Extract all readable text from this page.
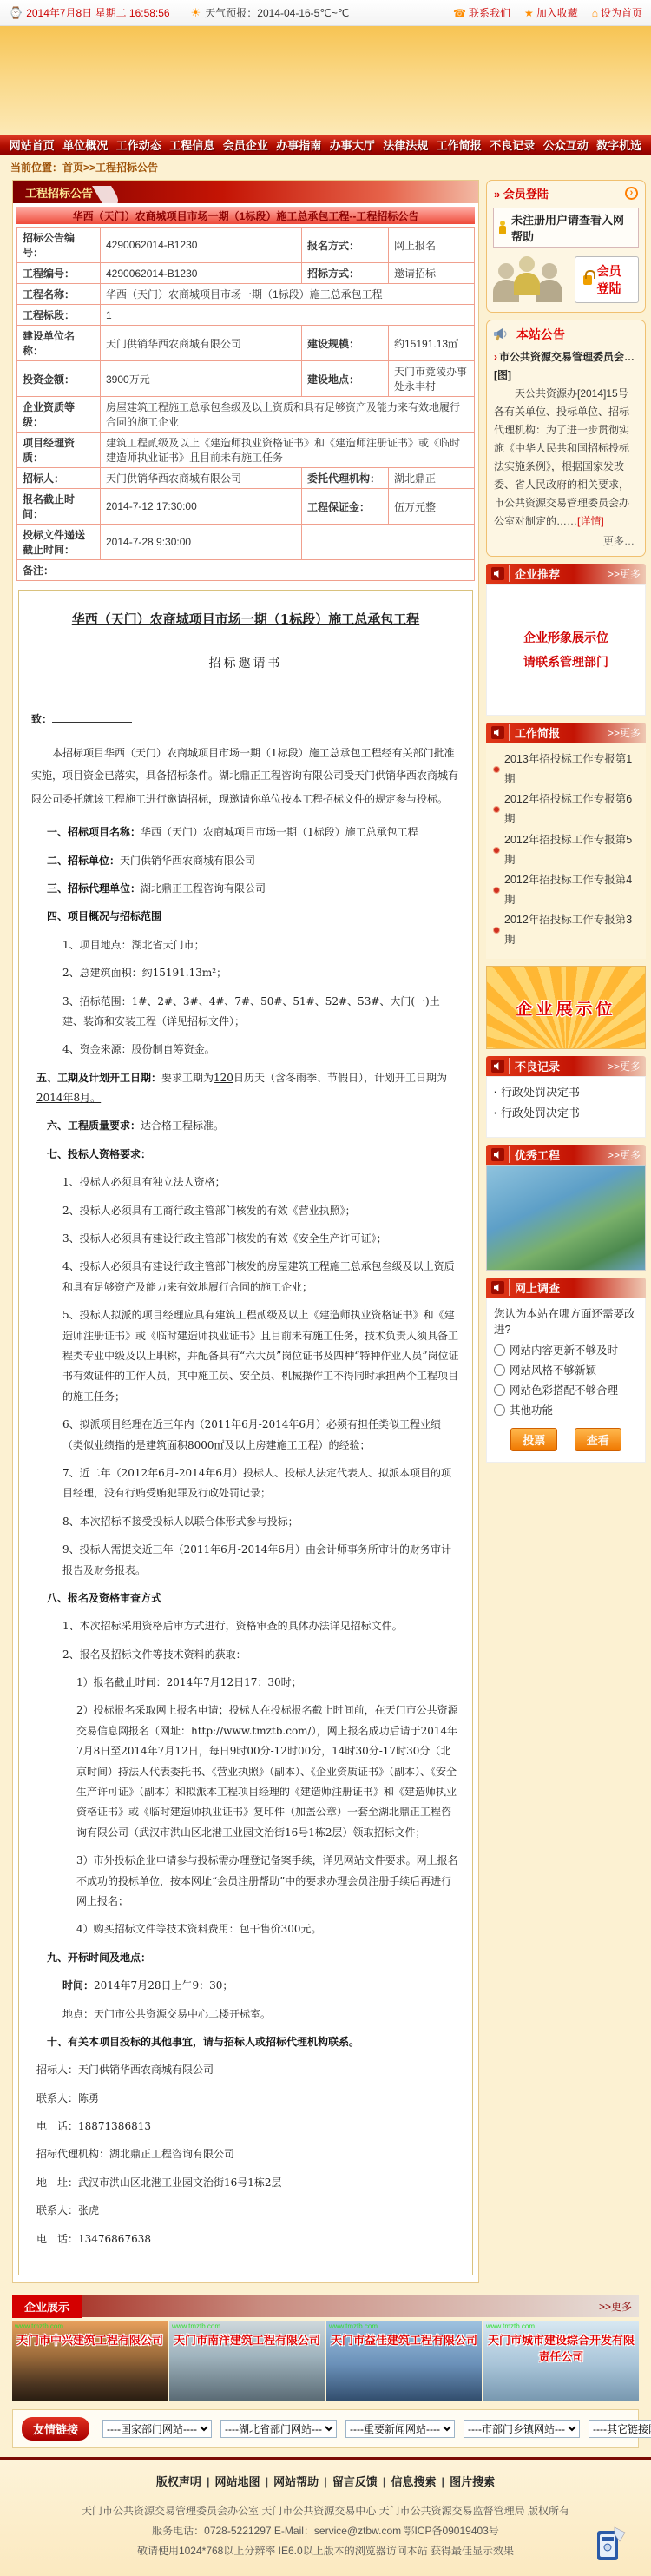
⌚ 2014年7月8日 星期二 16:58:56 ☀ 天气预报： 2014-04-16-5℃~℃	☎ 联系我们 ★ 加入收藏 ⌂ 设为首页
网站首页 单位概况 工作动态 工程信息 会员企业 办事指南 办事大厅 法律法规 工作简报 不良记录 公众互动 数字机选
当前位置：首页>>工程招标公告
工程招标公告
华西（天门）农商城项目市场一期（1标段）施工总承包工程--工程招标公告
招标公告编号：	4290062014-B1230	报名方式：	网上报名
工程编号：	4290062014-B1230	招标方式：	邀请招标
工程名称：	华西（天门）农商城项目市场一期（1标段）施工总承包工程		
工程标段：	1		
建设单位名称：	天门供销华西农商城有限公司	建设规模：	约15191.13㎡
投资金额：	3900万元	建设地点：	天门市竟陵办事处永丰村
企业资质等级：	房屋建筑工程施工总承包叁级及以上资质和具有足够资产及能力来有效地履行合同的施工企业		
项目经理资质：	建筑工程贰级及以上《建造师执业资格证书》和《建造师注册证书》或《临时建造师执业证书》且目前未有施工任务		
招标人：	天门供销华西农商城有限公司	委托代理机构：	湖北鼎正
报名截止时间：	2014-7-12 17:30:00	工程保证金：	伍万元整
投标文件递送截止时间：	2014-7-28 9:30:00		
备注：			
华西（天门）农商城项目市场一期（1标段）施工总承包工程
招标邀请书
致：
本招标项目华西（天门）农商城项目市场一期（1标段）施工总承包工程经有关部门批准实施，项目资金已落实，具备招标条件。湖北鼎正工程咨询有限公司受天门供销华西农商城有限公司委托就该工程施工进行邀请招标，现邀请你单位按本工程招标文件的规定参与投标。
一、招标项目名称：华西（天门）农商城项目市场一期（1标段）施工总承包工程
二、招标单位：天门供销华西农商城有限公司
三、招标代理单位：湖北鼎正工程咨询有限公司
四、项目概况与招标范围
1、项目地点：湖北省天门市；
2、总建筑面积：约15191.13m²；
3、招标范围：1#、2#、3#、4#、7#、50#、51#、52#、53#、大门(一)土建、装饰和安装工程（详见招标文件）；
4、资金来源：股份制自筹资金。
五、工期及计划开工日期：要求工期为120日历天（含冬雨季、节假日），计划开工日期为2014年8月。
六、工程质量要求：达合格工程标准。
七、投标人资格要求：
1、投标人必须具有独立法人资格；
2、投标人必须具有工商行政主管部门核发的有效《营业执照》；
3、投标人必须具有建设行政主管部门核发的有效《安全生产许可证》；
4、投标人必须具有建设行政主管部门核发的房屋建筑工程施工总承包叁级及以上资质和具有足够资产及能力来有效地履行合同的施工企业；
5、投标人拟派的项目经理应具有建筑工程贰级及以上《建造师执业资格证书》和《建造师注册证书》或《临时建造师执业证书》且目前未有施工任务，技术负责人须具备工程类专业中级及以上职称，并配备具有“六大员”岗位证书及四种“特种作业人员”岗位证书有效证件的工作人员，其中施工员、安全员、机械操作工不得同时承担两个工程项目的施工任务；
6、拟派项目经理在近三年内（2011年6月-2014年6月）必须有担任类似工程业绩（类似业绩指的是建筑面积8000㎡及以上房建施工工程）的经验；
7、近二年（2012年6月-2014年6月）投标人、投标人法定代表人、拟派本项目的项目经理，没有行贿受贿犯罪及行政处罚记录；
8、本次招标不接受投标人以联合体形式参与投标；
9、投标人需提交近三年（2011年6月-2014年6月）由会计师事务所审计的财务审计报告及财务报表。
八、报名及资格审查方式
1、本次招标采用资格后审方式进行，资格审查的具体办法详见招标文件。
2、报名及招标文件等技术资料的获取：
1）报名截止时间：2014年7月12日17：30时；
2）投标报名采取网上报名申请；投标人在投标报名截止时间前，在天门市公共资源交易信息网报名（网址：http://www.tmztb.com/），网上报名成功后请于2014年7月8日至2014年7月12日，每日9时00分-12时00分，14时30分-17时30分（北京时间）持法人代表委托书、《营业执照》（副本）、《企业资质证书》（副本）、《安全生产许可证》（副本）和拟派本工程项目经理的《建造师注册证书》和《建造师执业资格证书》或《临时建造师执业证书》复印件（加盖公章）一套至湖北鼎正工程咨询有限公司（武汉市洪山区北港工业园文治街16号1栋2层）领取招标文件；
3）市外投标企业申请参与投标需办理登记备案手续，详见网站文件要求。网上报名不成功的投标单位，按本网址“会员注册帮助”中的要求办理会员注册手续后再进行网上报名；
4）购买招标文件等技术资料费用：包干售价300元。
九、开标时间及地点：
时间：2014年7月28日上午9：30；
地点：天门市公共资源交易中心二楼开标室。
十、有关本项目投标的其他事宜，请与招标人或招标代理机构联系。
招标人：天门供销华西农商城有限公司
联系人：陈勇
电　话：18871386813
招标代理机构：湖北鼎正工程咨询有限公司
地　址：武汉市洪山区北港工业园文治街16号1栋2层
联系人：张虎
电　话：13476867638
» 会员登陆	›
未注册用户请查看入网帮助
会员登陆
本站公告
› 市公共资源交易管理委员会…[图]
天公共资源办[2014]15号各有关单位、投标单位、招标代理机构：为了进一步贯彻实施《中华人民共和国招标投标法实施条例》，根据国家发改委、省人民政府的相关要求，市公共资源交易管理委员会办公室对制定的……[详情]
更多…
企业推荐	>>更多
企业形象展示位
请联系管理部门
工作简报	>>更多
2013年招投标工作专报第1期
2012年招投标工作专报第6期
2012年招投标工作专报第5期
2012年招投标工作专报第4期
2012年招投标工作专报第3期
企业展示位
不良记录	>>更多
· 行政处罚决定书
· 行政处罚决定书
优秀工程	>>更多
网上调查
您认为本站在哪方面还需要改进?
网站内容更新不够及时
网站风格不够新颖
网站色彩搭配不够合理
其他功能
投票	查看
企业展示	>>更多
www.tmztb.com
天门市中兴建筑工程有限公司
www.tmztb.com
天门市南洋建筑工程有限公司
www.tmztb.com
天门市益佳建筑工程有限公司
www.tmztb.com
天门市城市建设综合开发有限责任公司
友情链接
----国家部门网站----
----湖北省部门网站---
----重要新闻网站----
----市部门乡镇网站---
----其它链接网站----
版权声明 | 网站地图 | 网站帮助 | 留言反馈 | 信息搜索 | 图片搜索
天门市公共资源交易管理委员会办公室 天门市公共资源交易中心 天门市公共资源交易监督管理局 版权所有
服务电话：0728-5221297 E-Mail：service@ztbw.com 鄂ICP备09019403号
敬请使用1024*768以上分辨率 IE6.0以上版本的浏览器访问本站 获得最佳显示效果
